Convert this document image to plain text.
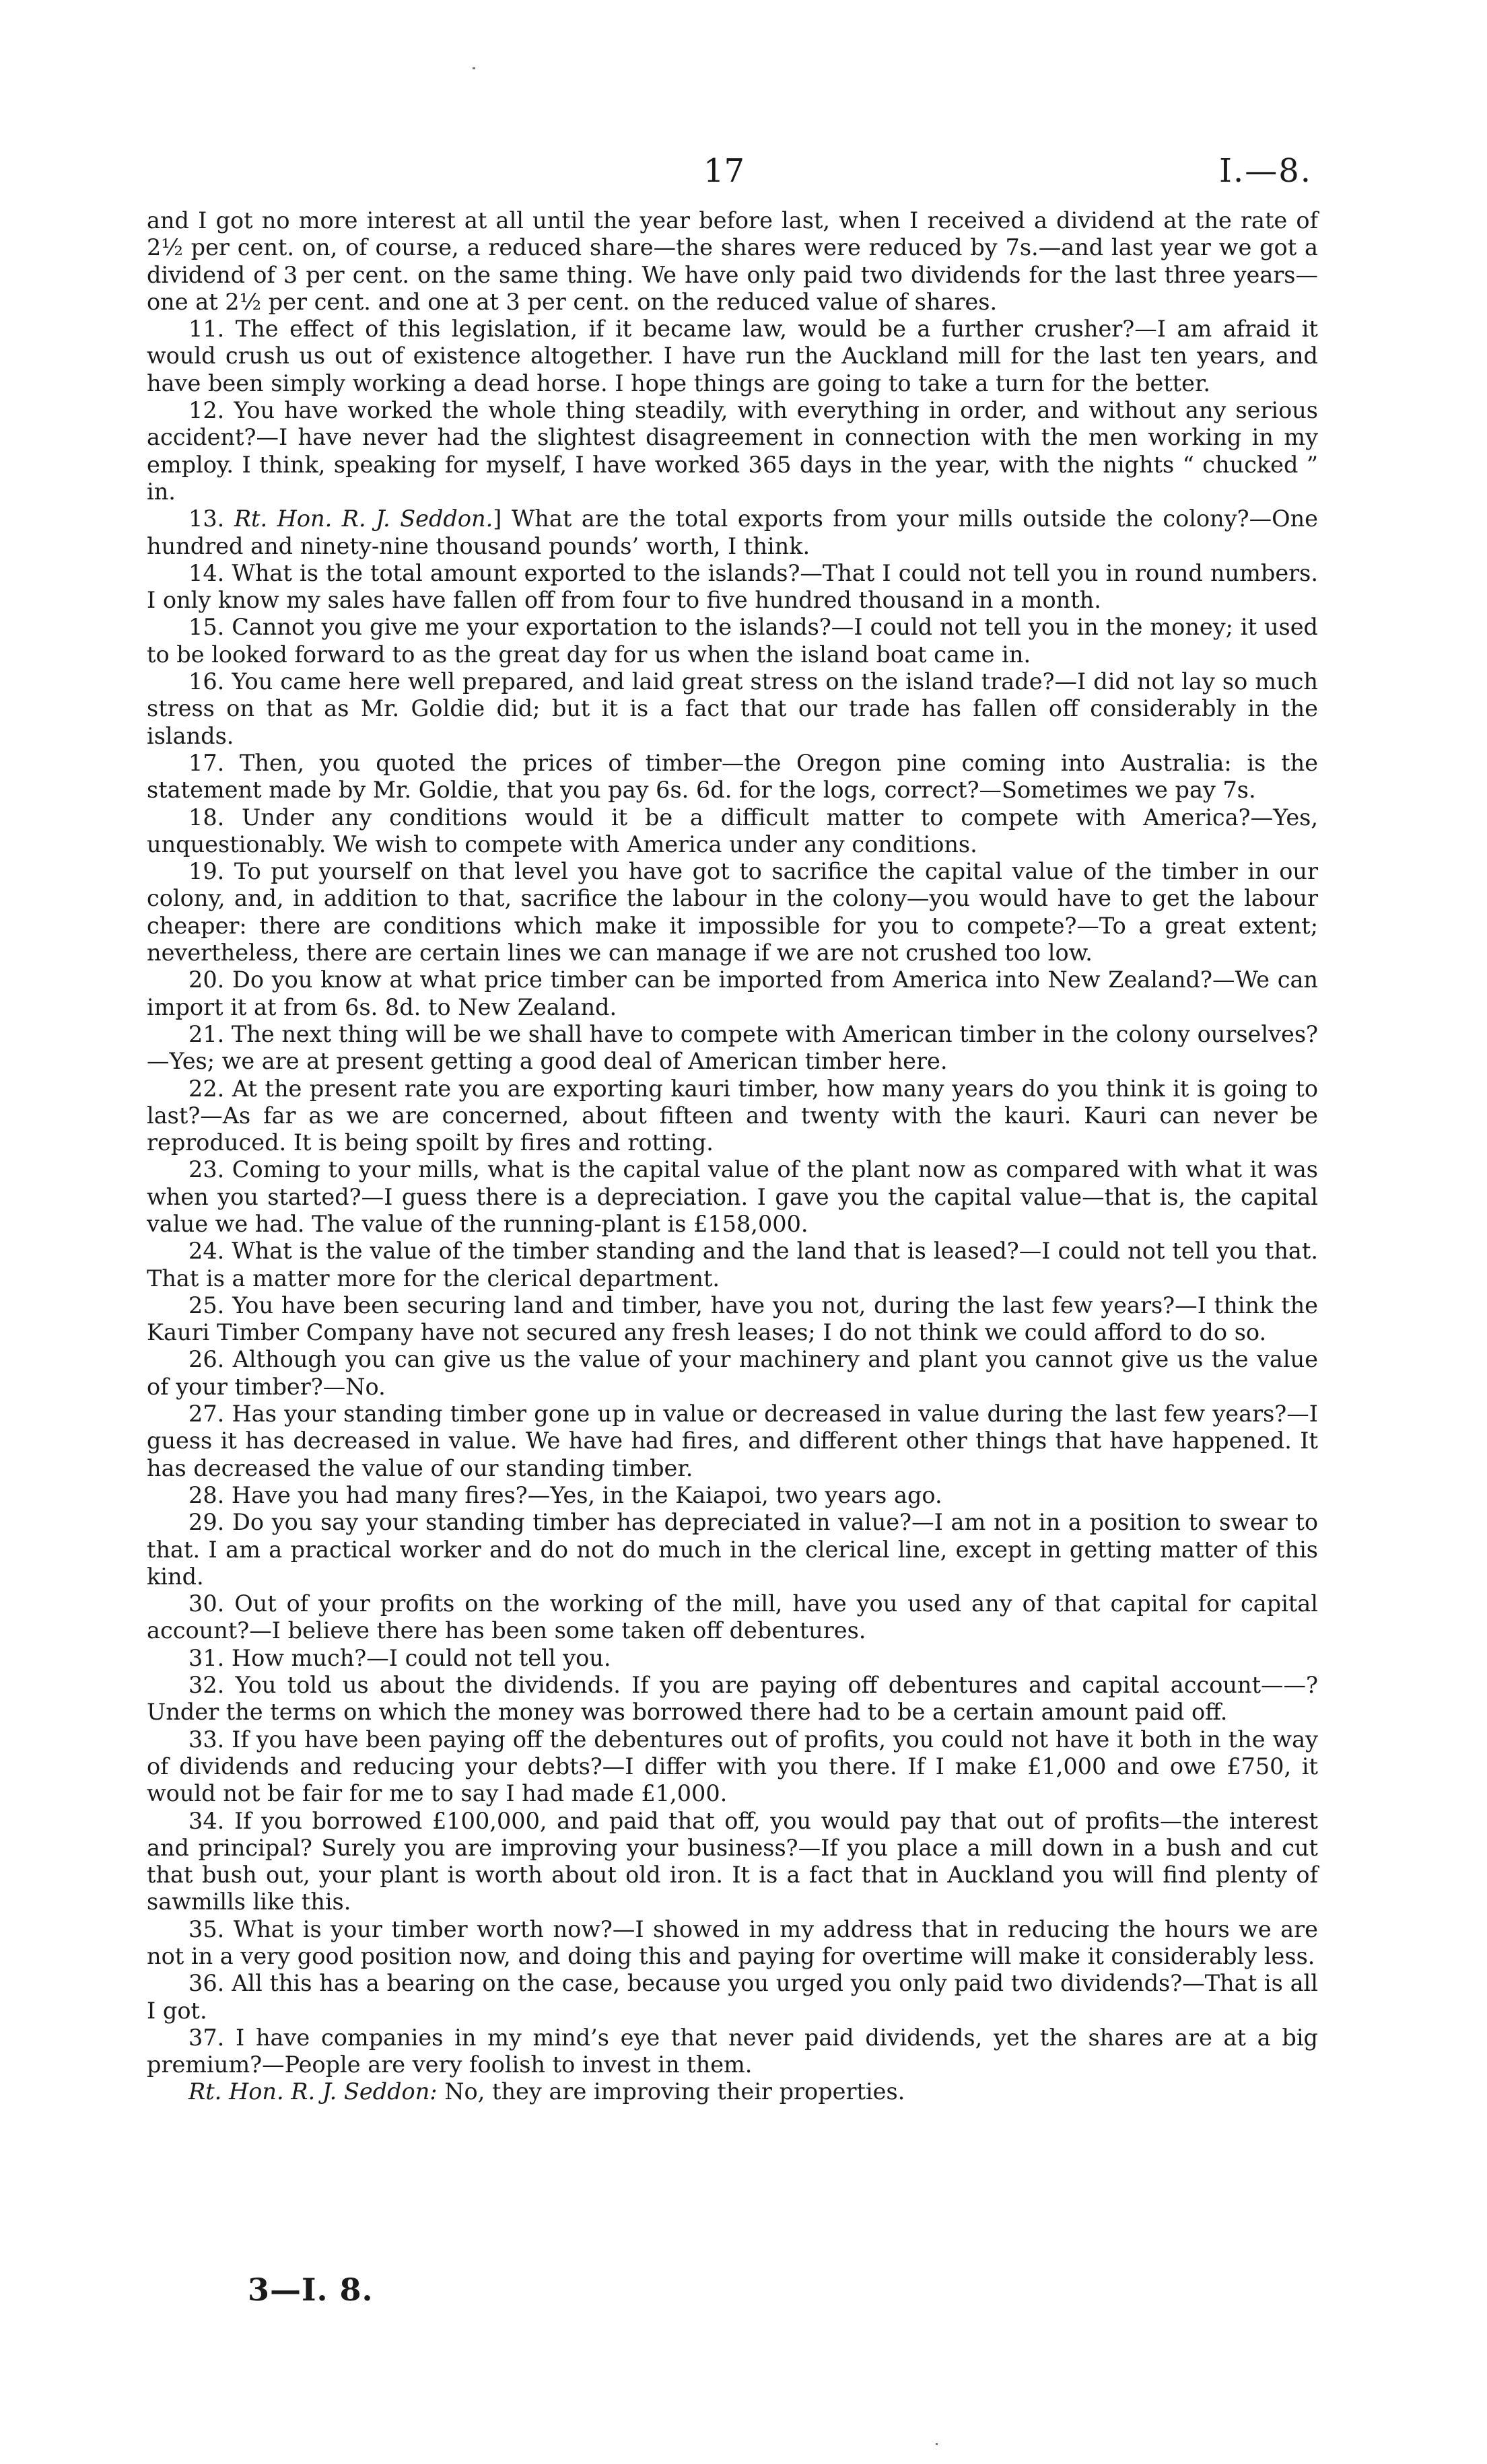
17	I.—8.

and I got no more interest at all until the year before last, when I received a dividend at the rate of 2½ per cent. on, of course, a reduced share—the shares were reduced by 7s.—and last year we got a dividend of 3 per cent. on the same thing. We have only paid two dividends for the last three years—one at 2½ per cent. and one at 3 per cent. on the reduced value of shares.

11. The effect of this legislation, if it became law, would be a further crusher?—I am afraid it would crush us out of existence altogether. I have run the Auckland mill for the last ten years, and have been simply working a dead horse. I hope things are going to take a turn for the better.

12. You have worked the whole thing steadily, with everything in order, and without any serious accident?—I have never had the slightest disagreement in connection with the men working in my employ. I think, speaking for myself, I have worked 365 days in the year, with the nights “ chucked ” in.

13. Rt. Hon. R. J. Seddon.] What are the total exports from your mills outside the colony?—One hundred and ninety-nine thousand pounds’ worth, I think.

14. What is the total amount exported to the islands?—That I could not tell you in round numbers. I only know my sales have fallen off from four to five hundred thousand in a month.

15. Cannot you give me your exportation to the islands?—I could not tell you in the money; it used to be looked forward to as the great day for us when the island boat came in.

16. You came here well prepared, and laid great stress on the island trade?—I did not lay so much stress on that as Mr. Goldie did; but it is a fact that our trade has fallen off considerably in the islands.

17. Then, you quoted the prices of timber—the Oregon pine coming into Australia: is the statement made by Mr. Goldie, that you pay 6s. 6d. for the logs, correct?—Sometimes we pay 7s.

18. Under any conditions would it be a difficult matter to compete with America?—Yes, unquestionably. We wish to compete with America under any conditions.

19. To put yourself on that level you have got to sacrifice the capital value of the timber in our colony, and, in addition to that, sacrifice the labour in the colony—you would have to get the labour cheaper: there are conditions which make it impossible for you to compete?—To a great extent; nevertheless, there are certain lines we can manage if we are not crushed too low.

20. Do you know at what price timber can be imported from America into New Zealand?—We can import it at from 6s. 8d. to New Zealand.

21. The next thing will be we shall have to compete with American timber in the colony ourselves?—Yes; we are at present getting a good deal of American timber here.

22. At the present rate you are exporting kauri timber, how many years do you think it is going to last?—As far as we are concerned, about fifteen and twenty with the kauri. Kauri can never be reproduced. It is being spoilt by fires and rotting.

23. Coming to your mills, what is the capital value of the plant now as compared with what it was when you started?—I guess there is a depreciation. I gave you the capital value—that is, the capital value we had. The value of the running-plant is £158,000.

24. What is the value of the timber standing and the land that is leased?—I could not tell you that. That is a matter more for the clerical department.

25. You have been securing land and timber, have you not, during the last few years?—I think the Kauri Timber Company have not secured any fresh leases; I do not think we could afford to do so.

26. Although you can give us the value of your machinery and plant you cannot give us the value of your timber?—No.

27. Has your standing timber gone up in value or decreased in value during the last few years?—I guess it has decreased in value. We have had fires, and different other things that have happened. It has decreased the value of our standing timber.

28. Have you had many fires?—Yes, in the Kaiapoi, two years ago.

29. Do you say your standing timber has depreciated in value?—I am not in a position to swear to that. I am a practical worker and do not do much in the clerical line, except in getting matter of this kind.

30. Out of your profits on the working of the mill, have you used any of that capital for capital account?—I believe there has been some taken off debentures.

31. How much?—I could not tell you.

32. You told us about the dividends. If you are paying off debentures and capital account——? Under the terms on which the money was borrowed there had to be a certain amount paid off.

33. If you have been paying off the debentures out of profits, you could not have it both in the way of dividends and reducing your debts?—I differ with you there. If I make £1,000 and owe £750, it would not be fair for me to say I had made £1,000.

34. If you borrowed £100,000, and paid that off, you would pay that out of profits—the interest and principal? Surely you are improving your business?—If you place a mill down in a bush and cut that bush out, your plant is worth about old iron. It is a fact that in Auckland you will find plenty of sawmills like this.

35. What is your timber worth now?—I showed in my address that in reducing the hours we are not in a very good position now, and doing this and paying for overtime will make it considerably less.

36. All this has a bearing on the case, because you urged you only paid two dividends?—That is all I got.

37. I have companies in my mind’s eye that never paid dividends, yet the shares are at a big premium?—People are very foolish to invest in them.

Rt. Hon. R. J. Seddon: No, they are improving their properties.

3—I. 8.
